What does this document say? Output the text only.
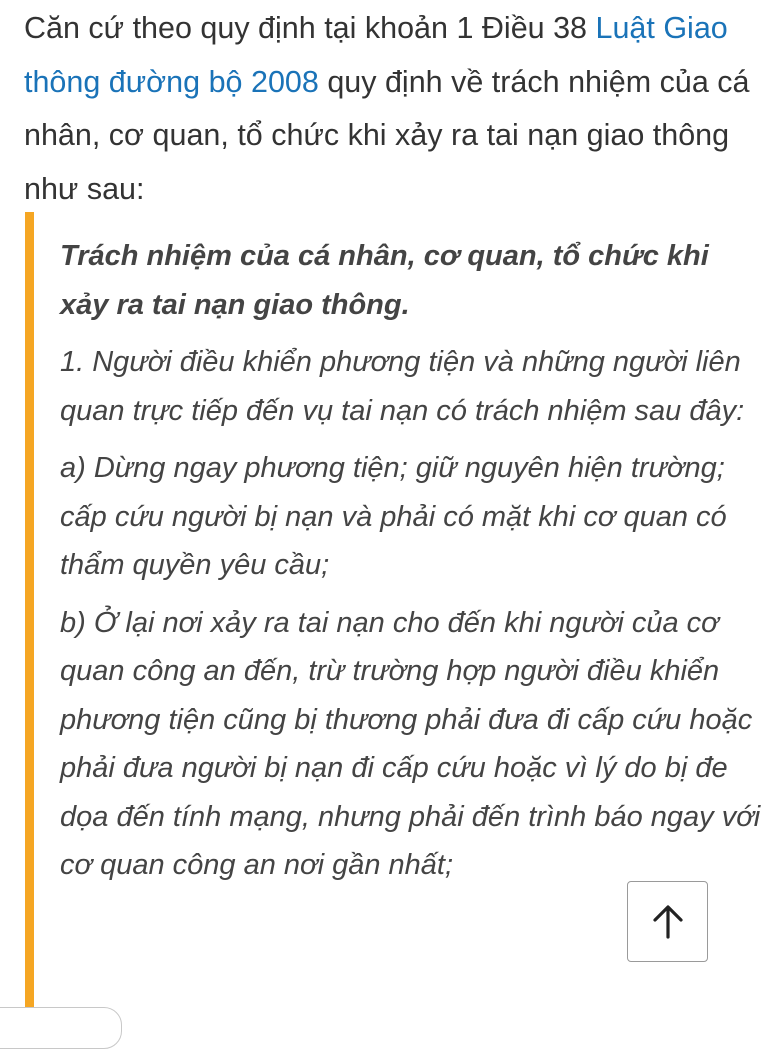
Căn cứ theo quy định tại khoản 1 Điều 38 Luật Giao thông đường bộ 2008 quy định về trách nhiệm của cá nhân, cơ quan, tổ chức khi xảy ra tai nạn giao thông như sau:

Trách nhiệm của cá nhân, cơ quan, tổ chức khi xảy ra tai nạn giao thông.

1. Người điều khiển phương tiện và những người liên quan trực tiếp đến vụ tai nạn có trách nhiệm sau đây:

a) Dừng ngay phương tiện; giữ nguyên hiện trường; cấp cứu người bị nạn và phải có mặt khi cơ quan có thẩm quyền yêu cầu;

b) Ở lại nơi xảy ra tai nạn cho đến khi người của cơ quan công an đến, trừ trường hợp người điều khiển phương tiện cũng bị thương phải đưa đi cấp cứu hoặc phải đưa người bị nạn đi cấp cứu hoặc vì lý do bị đe dọa đến tính mạng, nhưng phải đến trình báo ngay với cơ quan công an nơi gần nhất;
